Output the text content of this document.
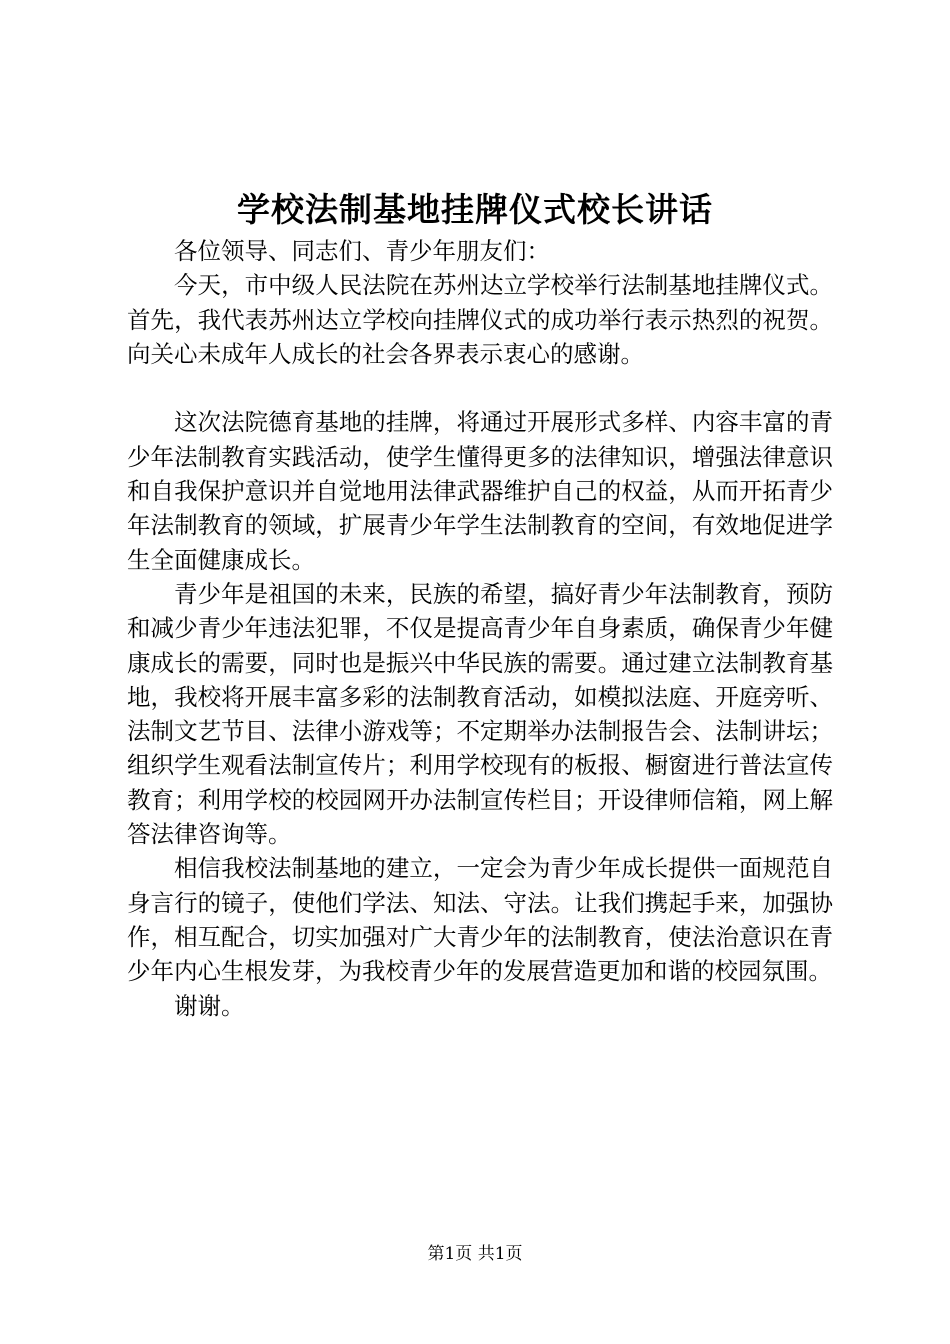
学校法制基地挂牌仪式校长讲话

各位领导、同志们、青少年朋友们：

今天，市中级人民法院在苏州达立学校举行法制基地挂牌仪式。首先，我代表苏州达立学校向挂牌仪式的成功举行表示热烈的祝贺。向关心未成年人成长的社会各界表示衷心的感谢。

这次法院德育基地的挂牌，将通过开展形式多样、内容丰富的青少年法制教育实践活动，使学生懂得更多的法律知识，增强法律意识和自我保护意识并自觉地用法律武器维护自己的权益，从而开拓青少年法制教育的领域，扩展青少年学生法制教育的空间，有效地促进学生全面健康成长。

青少年是祖国的未来，民族的希望，搞好青少年法制教育，预防和减少青少年违法犯罪，不仅是提高青少年自身素质，确保青少年健康成长的需要，同时也是振兴中华民族的需要。通过建立法制教育基地，我校将开展丰富多彩的法制教育活动，如模拟法庭、开庭旁听、法制文艺节目、法律小游戏等；不定期举办法制报告会、法制讲坛；组织学生观看法制宣传片；利用学校现有的板报、橱窗进行普法宣传教育；利用学校的校园网开办法制宣传栏目；开设律师信箱，网上解答法律咨询等。

相信我校法制基地的建立，一定会为青少年成长提供一面规范自身言行的镜子，使他们学法、知法、守法。让我们携起手来，加强协作，相互配合，切实加强对广大青少年的法制教育，使法治意识在青少年内心生根发芽，为我校青少年的发展营造更加和谐的校园氛围。

谢谢。

第1页 共1页
